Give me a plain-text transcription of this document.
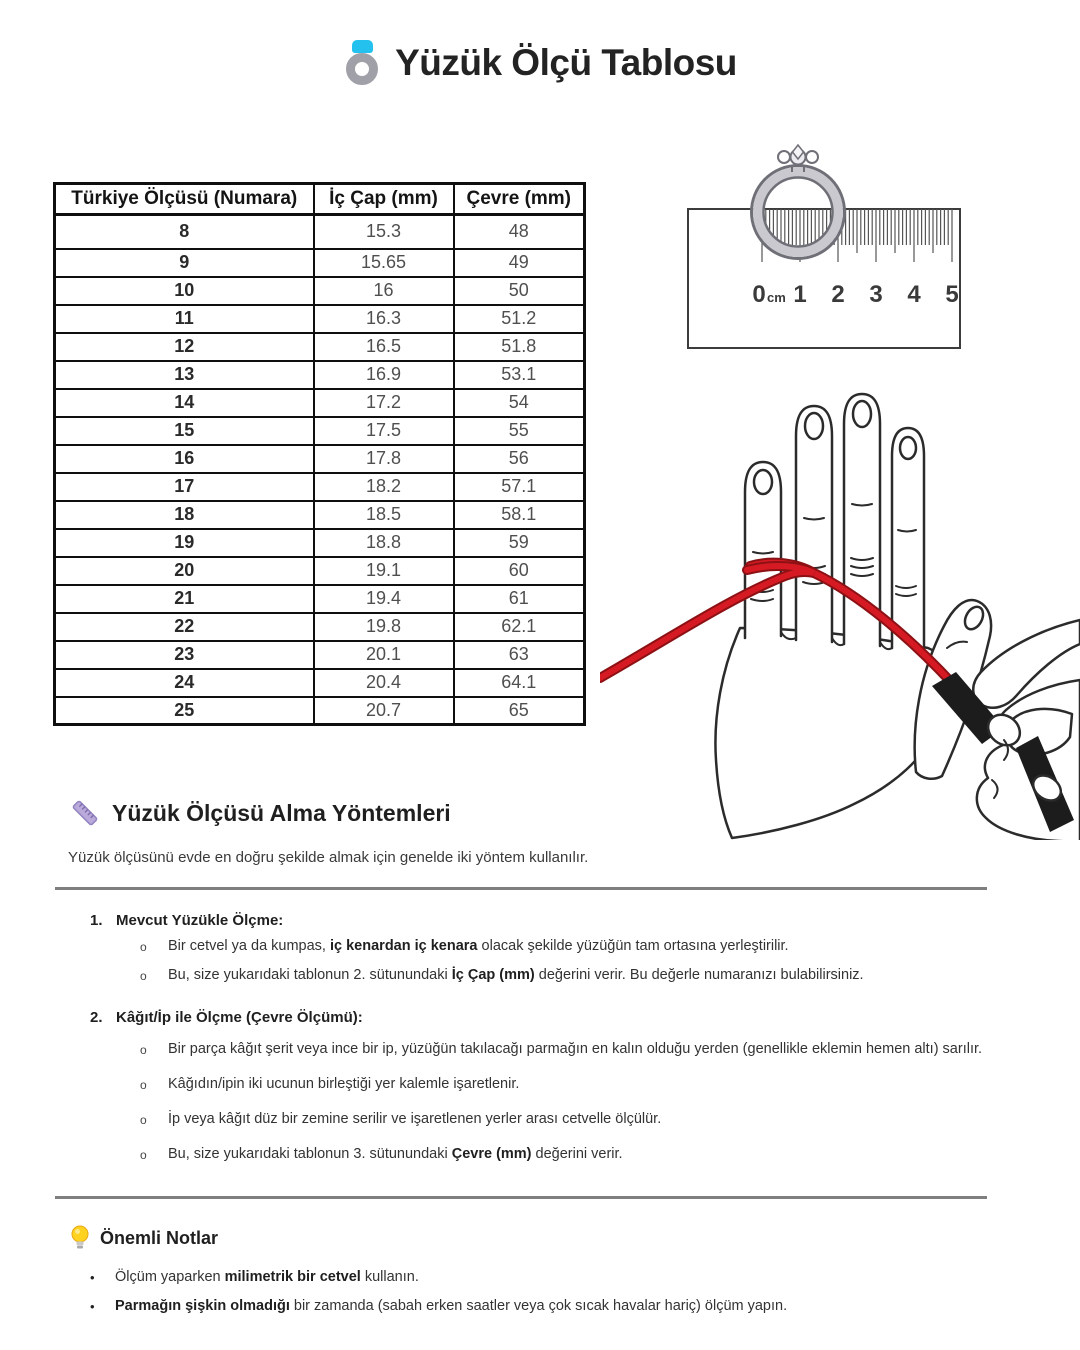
Yüzük Ölçü Tablosu
Türkiye Ölçüsü (Numara)	İç Çap (mm)	Çevre (mm)
8	15.3	48
9	15.65	49
10	16	50
11	16.3	51.2
12	16.5	51.8
13	16.9	53.1
14	17.2	54
15	17.5	55
16	17.8	56
17	18.2	57.1
18	18.5	58.1
19	18.8	59
20	19.1	60
21	19.4	61
22	19.8	62.1
23	20.1	63
24	20.4	64.1
25	20.7	65
0 cm 1 2 3 4 5
Yüzük Ölçüsü Alma Yöntemleri

Yüzük ölçüsünü evde en doğru şekilde almak için genelde iki yöntem kullanılır.

1. Mevcut Yüzükle Ölçme:
o	Bir cetvel ya da kumpas, iç kenardan iç kenara olacak şekilde yüzüğün tam ortasına yerleştirilir.
o	Bu, size yukarıdaki tablonun 2. sütunundaki İç Çap (mm) değerini verir. Bu değerle numaranızı bulabilirsiniz.
2. Kâğıt/İp ile Ölçme (Çevre Ölçümü):
o	Bir parça kâğıt şerit veya ince bir ip, yüzüğün takılacağı parmağın en kalın olduğu yerden (genellikle eklemin hemen altı) sarılır.
o	Kâğıdın/ipin iki ucunun birleştiği yer kalemle işaretlenir.
o	İp veya kâğıt düz bir zemine serilir ve işaretlenen yerler arası cetvelle ölçülür.
o	Bu, size yukarıdaki tablonun 3. sütunundaki Çevre (mm) değerini verir.
Önemli Notlar
•	Ölçüm yaparken milimetrik bir cetvel kullanın.
•	Parmağın şişkin olmadığı bir zamanda (sabah erken saatler veya çok sıcak havalar hariç) ölçüm yapın.
